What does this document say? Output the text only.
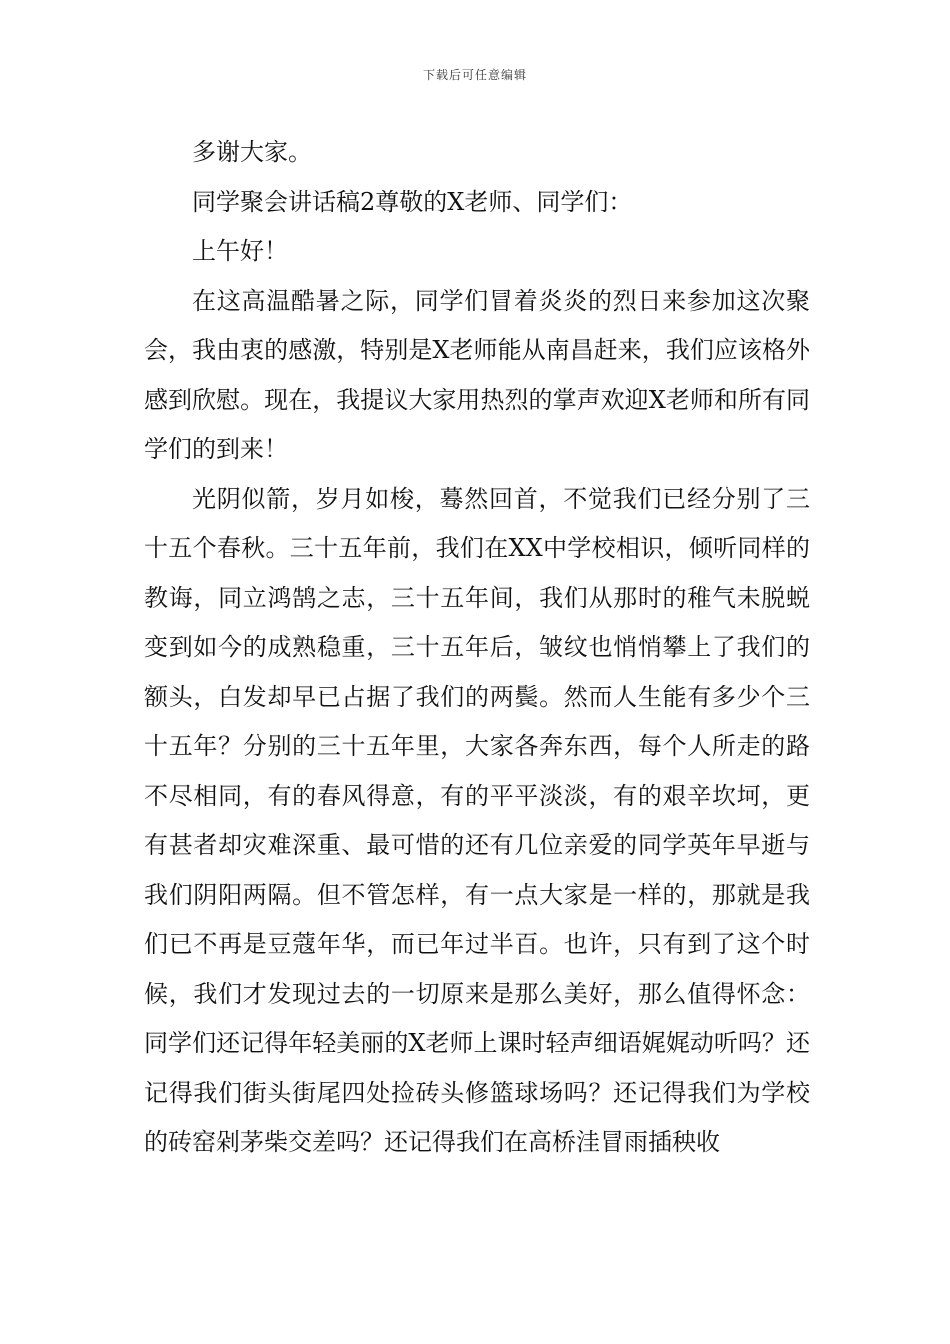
下载后可任意编辑

多谢大家。

同学聚会讲话稿2尊敬的X老师、同学们：

上午好！

在这高温酷暑之际，同学们冒着炎炎的烈日来参加这次聚会，我由衷的感激，特别是X老师能从南昌赶来，我们应该格外感到欣慰。现在，我提议大家用热烈的掌声欢迎X老师和所有同学们的到来！

光阴似箭，岁月如梭，蓦然回首，不觉我们已经分别了三十五个春秋。三十五年前，我们在XX中学校相识，倾听同样的教诲，同立鸿鹄之志，三十五年间，我们从那时的稚气未脱蜕变到如今的成熟稳重，三十五年后，皱纹也悄悄攀上了我们的额头，白发却早已占据了我们的两鬓。然而人生能有多少个三十五年？分别的三十五年里，大家各奔东西，每个人所走的路不尽相同，有的春风得意，有的平平淡淡，有的艰辛坎坷，更有甚者却灾难深重、最可惜的还有几位亲爱的同学英年早逝与我们阴阳两隔。但不管怎样，有一点大家是一样的，那就是我们已不再是豆蔻年华，而已年过半百。也许，只有到了这个时候，我们才发现过去的一切原来是那么美好，那么值得怀念：同学们还记得年轻美丽的X老师上课时轻声细语娓娓动听吗？还记得我们街头街尾四处捡砖头修篮球场吗？还记得我们为学校的砖窑剁茅柴交差吗？还记得我们在高桥洼冒雨插秧收
